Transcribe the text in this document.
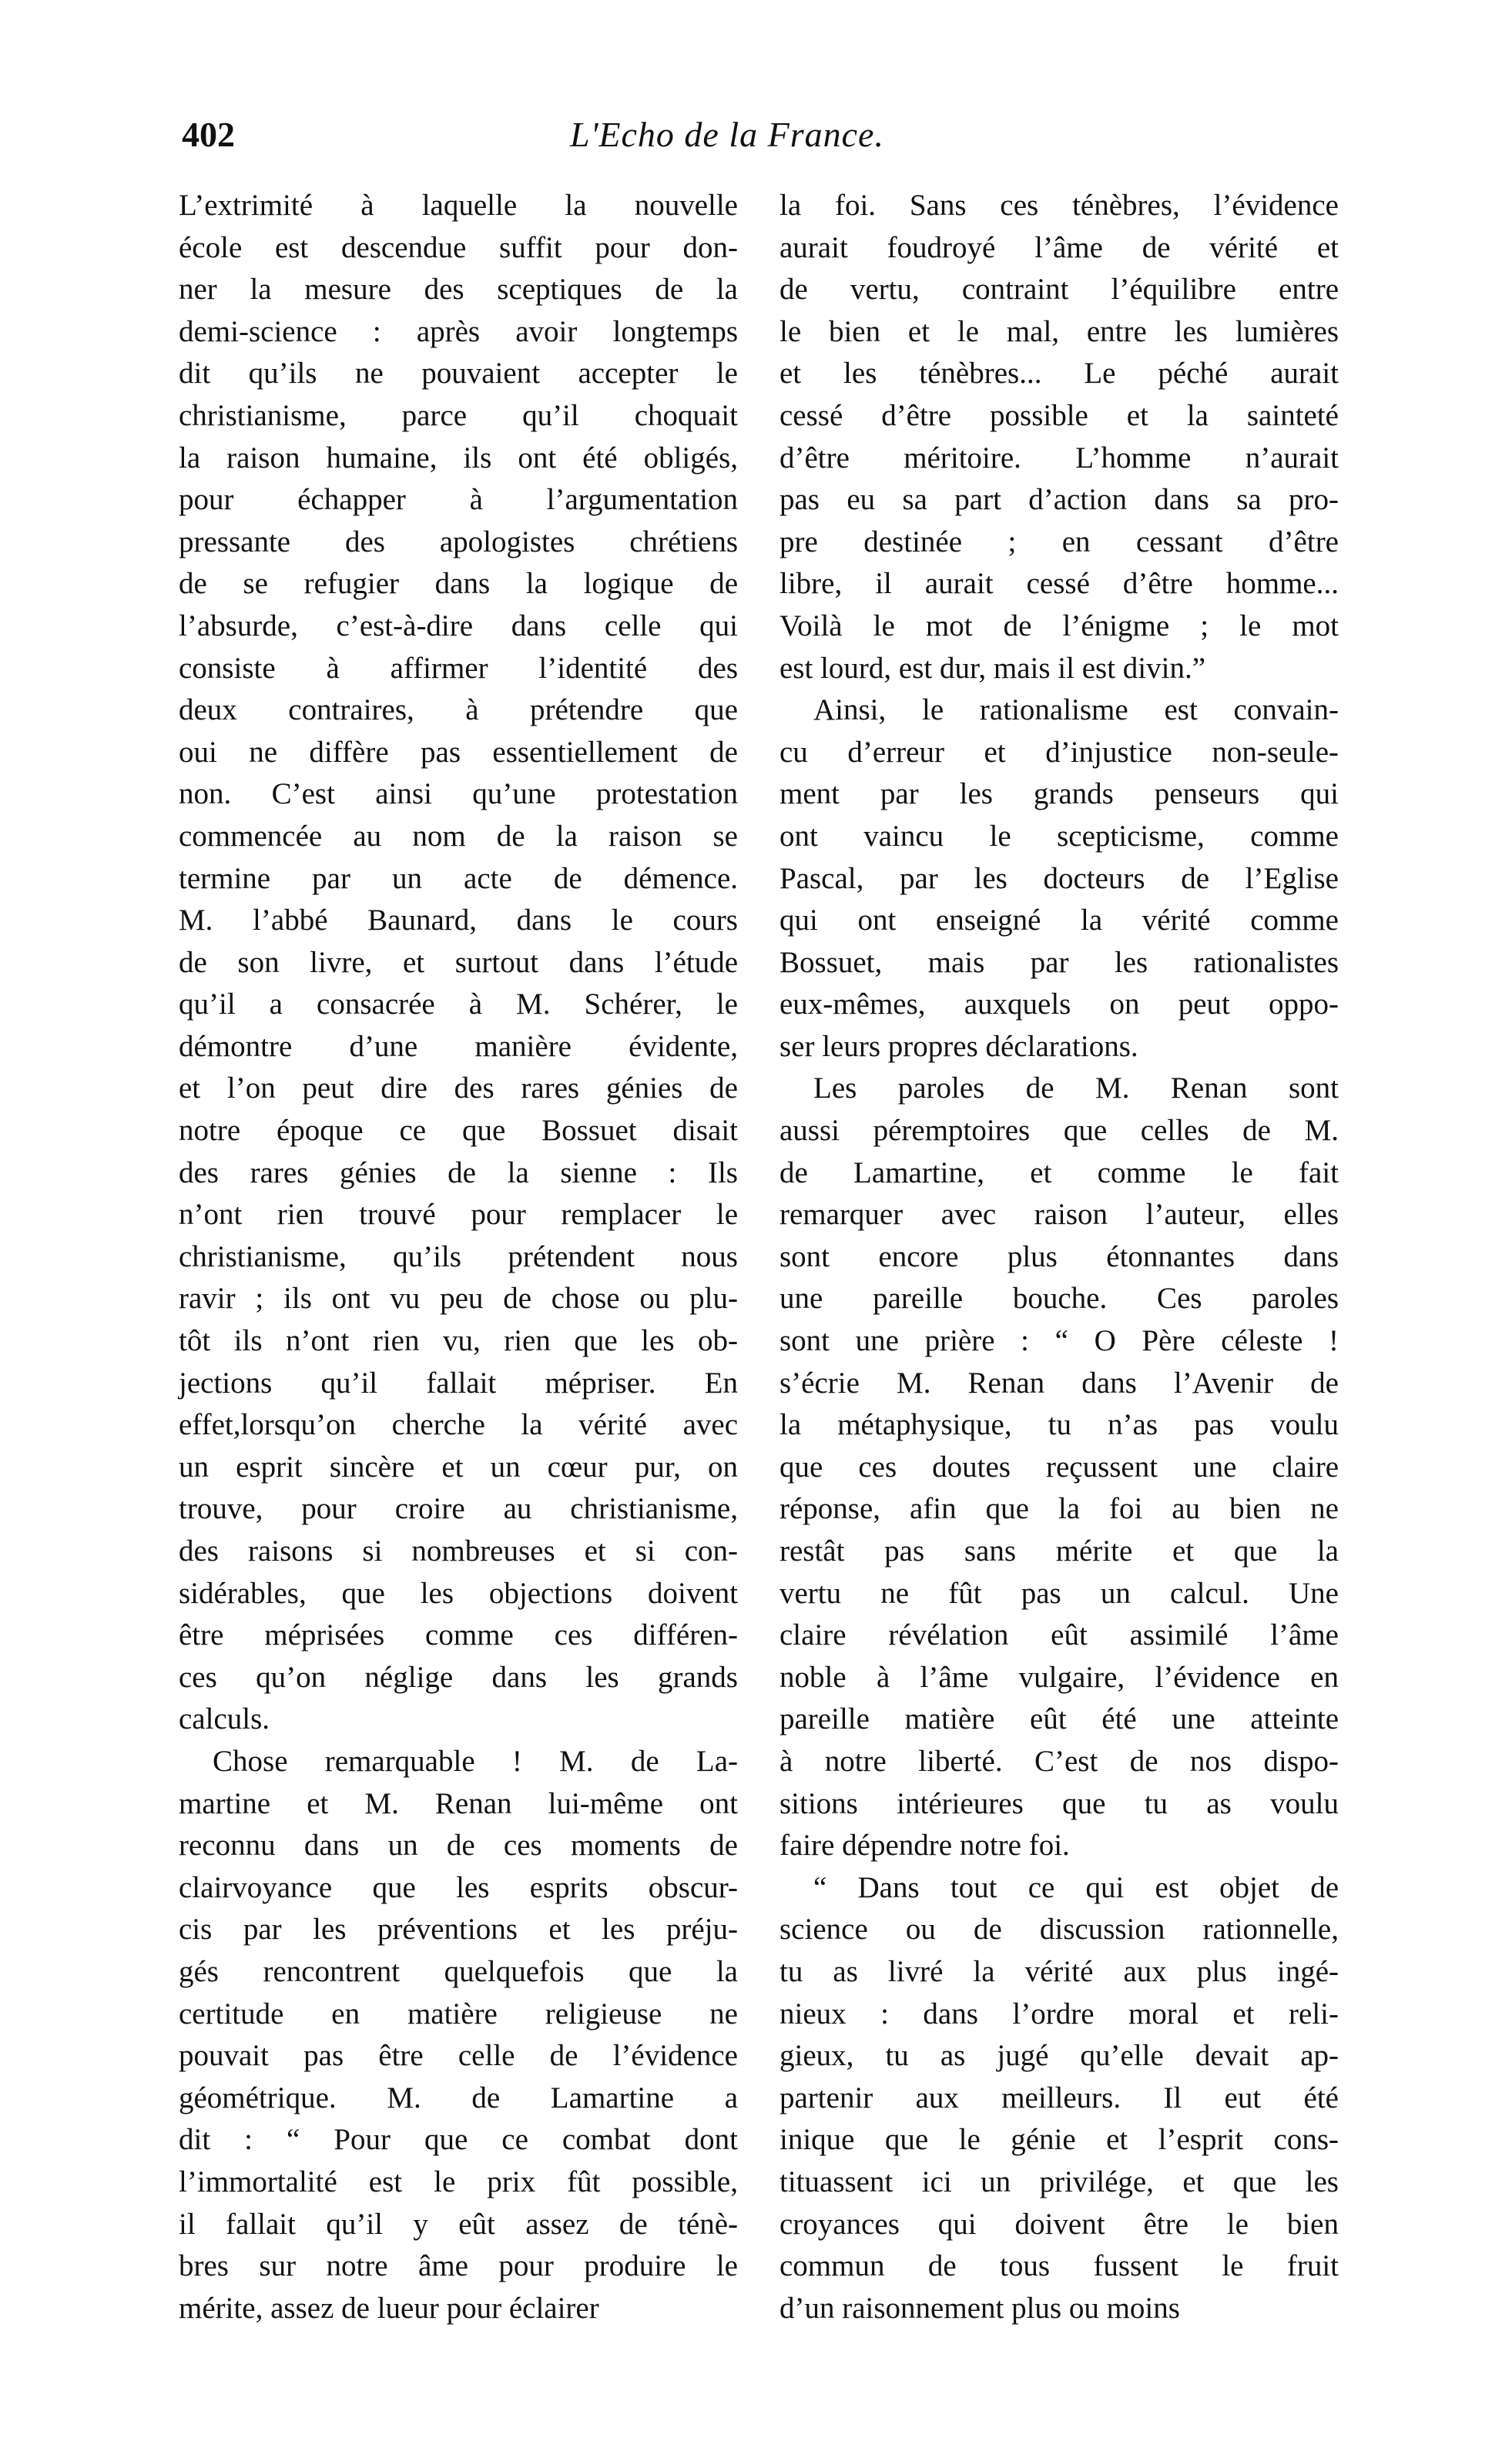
402	L'Echo de la France.
L’extrimité à laquelle la nouvelle
école est descendue suffit pour don-
ner la mesure des sceptiques de la
demi-science : après avoir longtemps
dit qu’ils ne pouvaient accepter le
christianisme, parce qu’il choquait
la raison humaine, ils ont été obligés,
pour échapper à l’argumentation
pressante des apologistes chrétiens
de se refugier dans la logique de
l’absurde, c’est-à-dire dans celle qui
consiste à affirmer l’identité des
deux contraires, à prétendre que
oui ne diffère pas essentiellement de
non. C’est ainsi qu’une protestation
commencée au nom de la raison se
termine par un acte de démence.
M. l’abbé Baunard, dans le cours
de son livre, et surtout dans l’étude
qu’il a consacrée à M. Schérer, le
démontre d’une manière évidente,
et l’on peut dire des rares génies de
notre époque ce que Bossuet disait
des rares génies de la sienne : Ils
n’ont rien trouvé pour remplacer le
christianisme, qu’ils prétendent nous
ravir ; ils ont vu peu de chose ou plu-
tôt ils n’ont rien vu, rien que les ob-
jections qu’il fallait mépriser. En
effet,lorsqu’on cherche la vérité avec
un esprit sincère et un cœur pur, on
trouve, pour croire au christianisme,
des raisons si nombreuses et si con-
sidérables, que les objections doivent
être méprisées comme ces différen-
ces qu’on néglige dans les grands
calculs.
Chose remarquable ! M. de La-
martine et M. Renan lui-même ont
reconnu dans un de ces moments de
clairvoyance que les esprits obscur-
cis par les préventions et les préju-
gés rencontrent quelquefois que la
certitude en matière religieuse ne
pouvait pas être celle de l’évidence
géométrique. M. de Lamartine a
dit : “ Pour que ce combat dont
l’immortalité est le prix fût possible,
il fallait qu’il y eût assez de ténè-
bres sur notre âme pour produire le
mérite, assez de lueur pour éclairer
la foi. Sans ces ténèbres, l’évidence
aurait foudroyé l’âme de vérité et
de vertu, contraint l’équilibre entre
le bien et le mal, entre les lumières
et les ténèbres... Le péché aurait
cessé d’être possible et la sainteté
d’être méritoire. L’homme n’aurait
pas eu sa part d’action dans sa pro-
pre destinée ; en cessant d’être
libre, il aurait cessé d’être homme...
Voilà le mot de l’énigme ; le mot
est lourd, est dur, mais il est divin.”
Ainsi, le rationalisme est convain-
cu d’erreur et d’injustice non-seule-
ment par les grands penseurs qui
ont vaincu le scepticisme, comme
Pascal, par les docteurs de l’Eglise
qui ont enseigné la vérité comme
Bossuet, mais par les rationalistes
eux-mêmes, auxquels on peut oppo-
ser leurs propres déclarations.
Les paroles de M. Renan sont
aussi péremptoires que celles de M.
de Lamartine, et comme le fait
remarquer avec raison l’auteur, elles
sont encore plus étonnantes dans
une pareille bouche. Ces paroles
sont une prière : “ O Père céleste !
s’écrie M. Renan dans l’Avenir de
la métaphysique, tu n’as pas voulu
que ces doutes reçussent une claire
réponse, afin que la foi au bien ne
restât pas sans mérite et que la
vertu ne fût pas un calcul. Une
claire révélation eût assimilé l’âme
noble à l’âme vulgaire, l’évidence en
pareille matière eût été une atteinte
à notre liberté. C’est de nos dispo-
sitions intérieures que tu as voulu
faire dépendre notre foi.
“ Dans tout ce qui est objet de
science ou de discussion rationnelle,
tu as livré la vérité aux plus ingé-
nieux : dans l’ordre moral et reli-
gieux, tu as jugé qu’elle devait ap-
partenir aux meilleurs. Il eut été
inique que le génie et l’esprit cons-
tituassent ici un privilége, et que les
croyances qui doivent être le bien
commun de tous fussent le fruit
d’un raisonnement plus ou moins
